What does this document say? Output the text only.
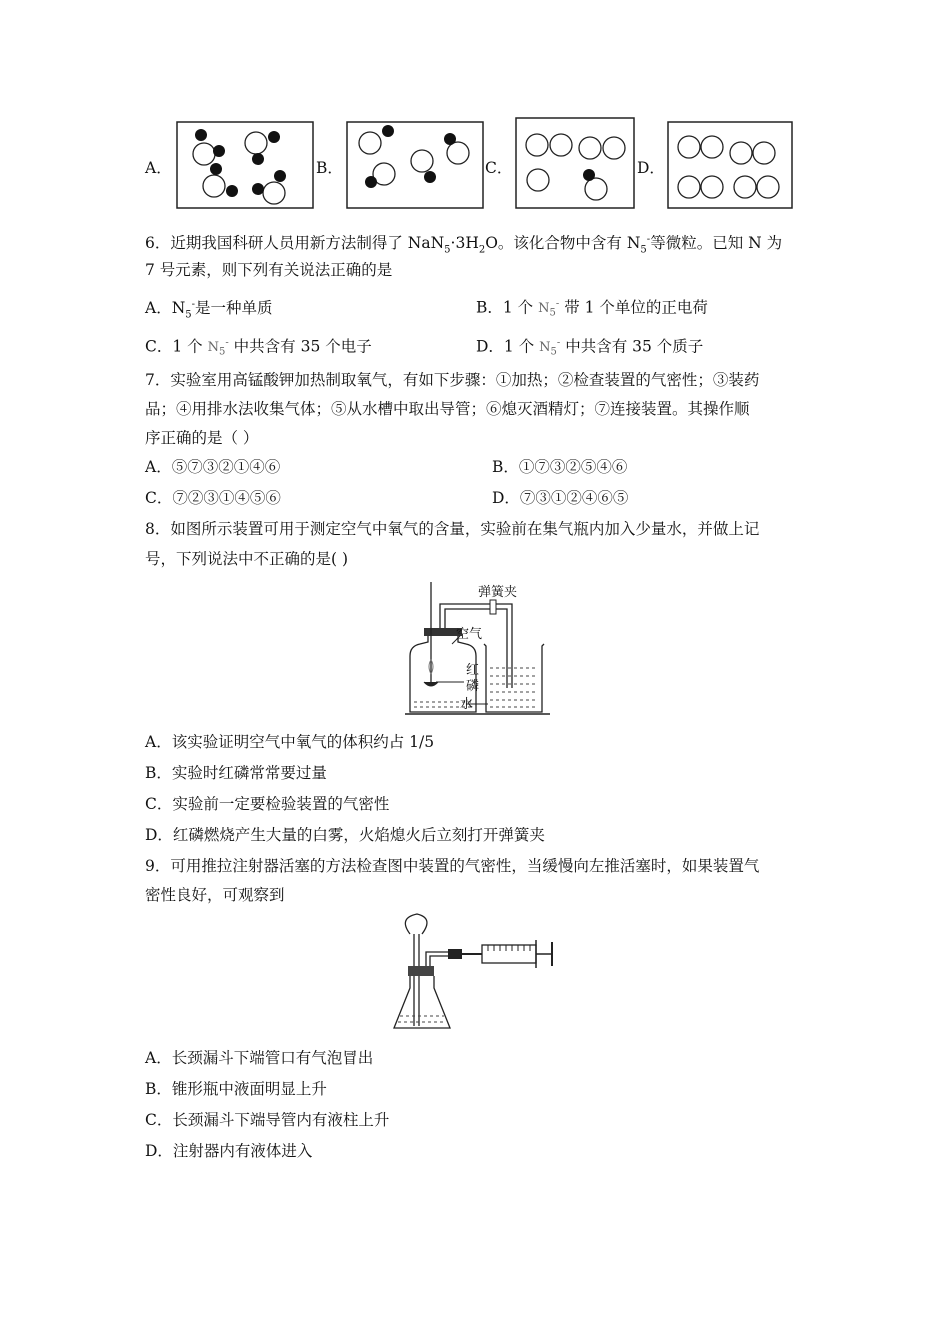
A．	B．	C．	D．
6．近期我国科研人员用新方法制得了 $NaN_5\cdot 3H_2O$。该化合物中含有 $N_5^-$等微粒。已知 N 为
7 号元素，则下列有关说法正确的是
A．$N_5^-$是一种单质	B．1 个 $N_5^-$ 带 1 个单位的正电荷
C．1 个 $N_5^-$ 中共含有 35 个电子	D．1 个 $N_5^-$ 中共含有 35 个质子
7．实验室用高锰酸钾加热制取氧气，有如下步骤：①加热；②检查装置的气密性；③装药
品；④用排水法收集气体；⑤从水槽中取出导管；⑥熄灭酒精灯；⑦连接装置。其操作顺
序正确的是（ ）
A．⑤⑦③②①④⑥	B．①⑦③②⑤④⑥
C．⑦②③①④⑤⑥	D．⑦③①②④⑥⑤
8．如图所示装置可用于测定空气中氧气的含量，实验前在集气瓶内加入少量水，并做上记
号，下列说法中不正确的是( )
弹簧夹
空气
红
磷
水
A．该实验证明空气中氧气的体积约占 1/5
B．实验时红磷常常要过量
C．实验前一定要检验装置的气密性
D．红磷燃烧产生大量的白雾，火焰熄火后立刻打开弹簧夹
9．可用推拉注射器活塞的方法检查图中装置的气密性，当缓慢向左推活塞时，如果装置气
密性良好，可观察到
A．长颈漏斗下端管口有气泡冒出
B．锥形瓶中液面明显上升
C．长颈漏斗下端导管内有液柱上升
D．注射器内有液体进入
